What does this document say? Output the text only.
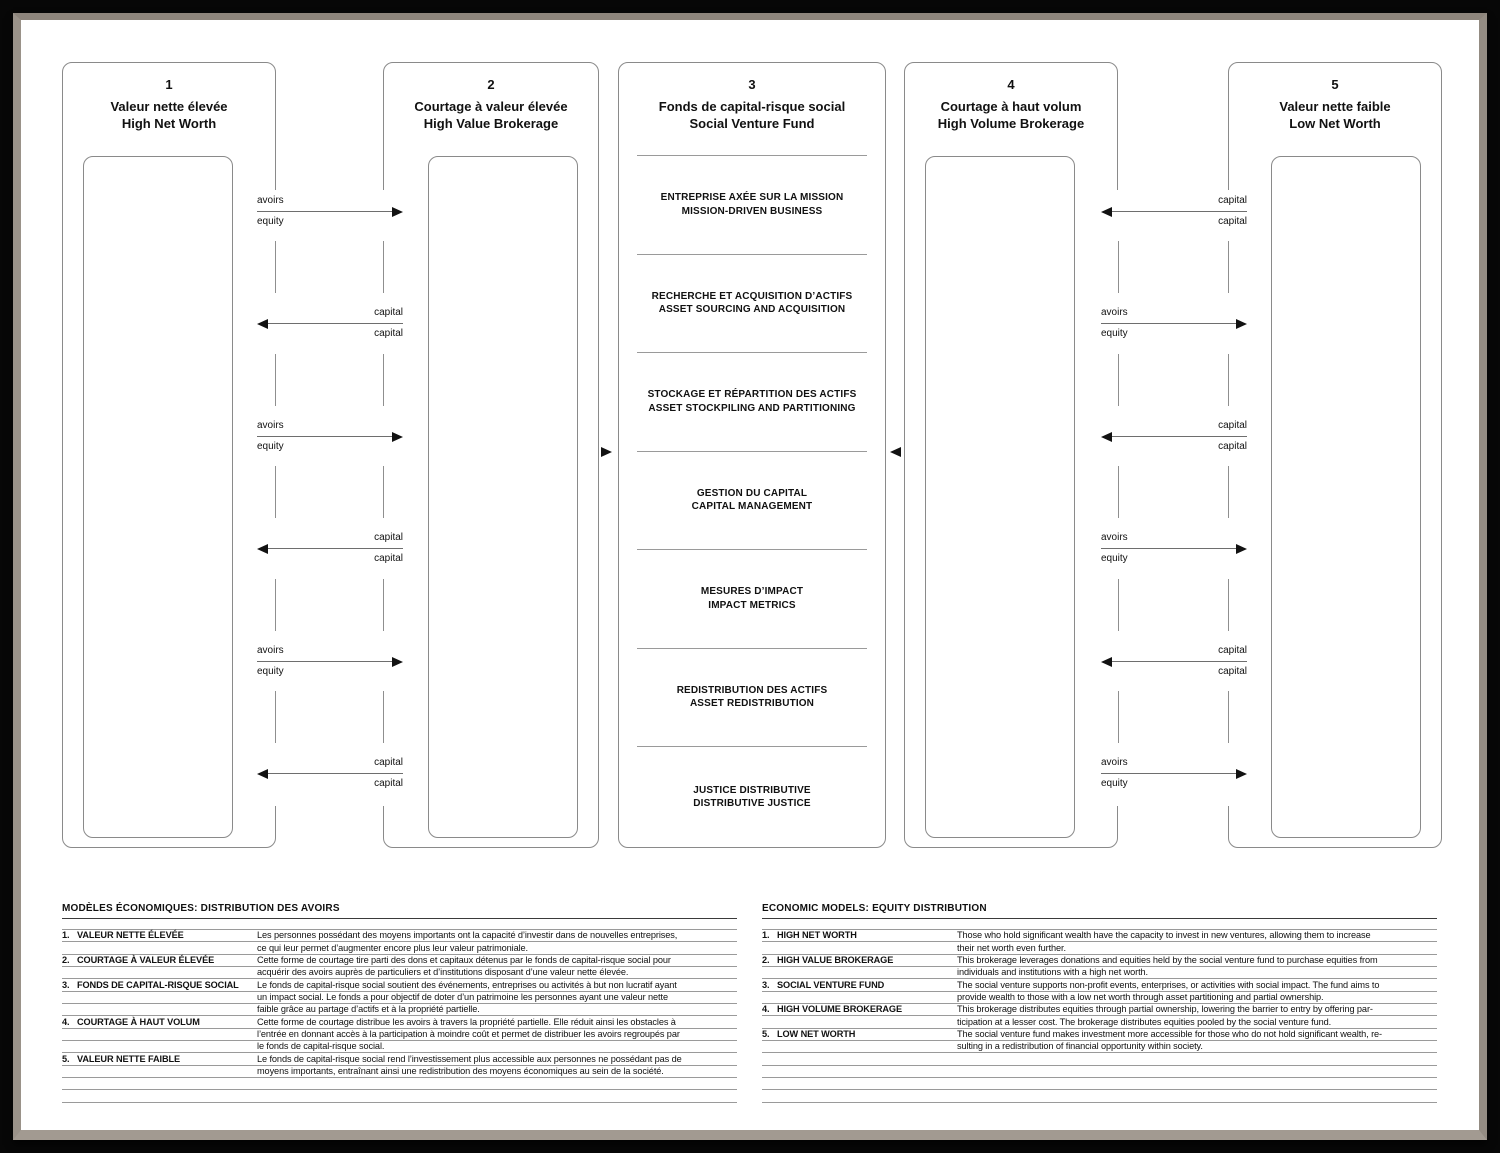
1
Valeur nette élevée
High Net Worth
2
Courtage à valeur élevée
High Value Brokerage
3
Fonds de capital-risque social
Social Venture Fund
ENTREPRISE AXÉE SUR LA MISSION
MISSION-DRIVEN BUSINESS
RECHERCHE ET ACQUISITION D’ACTIFS
ASSET SOURCING AND ACQUISITION
STOCKAGE ET RÉPARTITION DES ACTIFS
ASSET STOCKPILING AND PARTITIONING
GESTION DU CAPITAL
CAPITAL MANAGEMENT
MESURES D’IMPACT
IMPACT METRICS
REDISTRIBUTION DES ACTIFS
ASSET REDISTRIBUTION
JUSTICE DISTRIBUTIVE
DISTRIBUTIVE JUSTICE
4
Courtage à haut volum
High Volume Brokerage
5
Valeur nette faible
Low Net Worth
avoirs
equity
capital
capital
avoirs
equity
capital
capital
avoirs
equity
capital
capital
capital
capital
avoirs
equity
capital
capital
avoirs
equity
capital
capital
avoirs
equity
MODÈLES ÉCONOMIQUES: DISTRIBUTION DES AVOIRS
1. VALEUR NETTE ÉLEVÉE	Les personnes possédant des moyens importants ont la capacité d’investir dans de nouvelles entreprises,
ce qui leur permet d’augmenter encore plus leur valeur patrimoniale.
2. COURTAGE À VALEUR ÉLEVÉE	Cette forme de courtage tire parti des dons et capitaux détenus par le fonds de capital-risque social pour
acquérir des avoirs auprès de particuliers et d’institutions disposant d’une valeur nette élevée.
3. FONDS DE CAPITAL-RISQUE SOCIAL Le fonds de capital-risque social soutient des événements, entreprises ou activités à but non lucratif ayant
un impact social. Le fonds a pour objectif de doter d’un patrimoine les personnes ayant une valeur nette
faible grâce au partage d’actifs et à la propriété partielle.
4. COURTAGE À HAUT VOLUM	Cette forme de courtage distribue les avoirs à travers la propriété partielle. Elle réduit ainsi les obstacles à
l’entrée en donnant accès à la participation à moindre coût et permet de distribuer les avoirs regroupés par
le fonds de capital-risque social.
5. VALEUR NETTE FAIBLE	Le fonds de capital-risque social rend l’investissement plus accessible aux personnes ne possédant pas de
moyens importants, entraînant ainsi une redistribution des moyens économiques au sein de la société.
ECONOMIC MODELS: EQUITY DISTRIBUTION
1. HIGH NET WORTH	Those who hold significant wealth have the capacity to invest in new ventures, allowing them to increase
their net worth even further.
2. HIGH VALUE BROKERAGE	This brokerage leverages donations and equities held by the social venture fund to purchase equities from
individuals and institutions with a high net worth.
3. SOCIAL VENTURE FUND	The social venture supports non-profit events, enterprises, or activities with social impact. The fund aims to
provide wealth to those with a low net worth through asset partitioning and partial ownership.
4. HIGH VOLUME BROKERAGE	This brokerage distributes equities through partial ownership, lowering the barrier to entry by offering par-
ticipation at a lesser cost. The brokerage distributes equities pooled by the social venture fund.
5. LOW NET WORTH	The social venture fund makes investment more accessible for those who do not hold significant wealth, re-
sulting in a redistribution of financial opportunity within society.
